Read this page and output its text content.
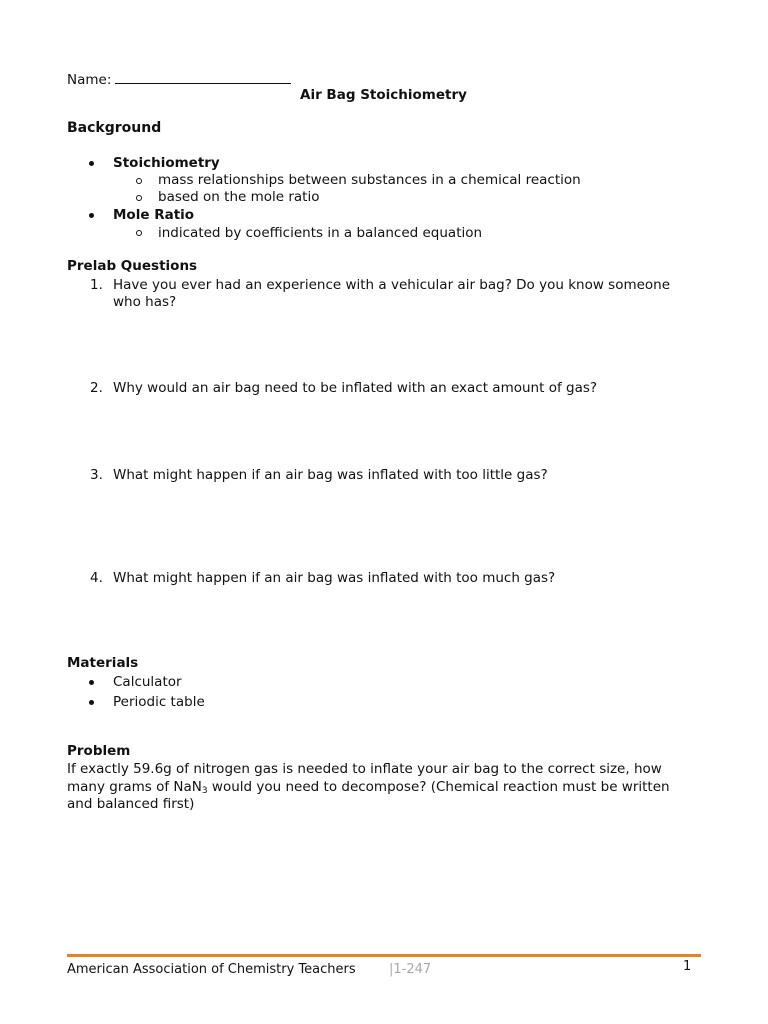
Name:
Air Bag Stoichiometry
Background
Stoichiometry
mass relationships between substances in a chemical reaction
based on the mole ratio
Mole Ratio
indicated by coefficients in a balanced equation
Prelab Questions
1. Have you ever had an experience with a vehicular air bag? Do you know someone
who has?
2. Why would an air bag need to be inflated with an exact amount of gas?
3. What might happen if an air bag was inflated with too little gas?
4. What might happen if an air bag was inflated with too much gas?
Materials
Calculator
Periodic table
Problem
If exactly 59.6g of nitrogen gas is needed to inflate your air bag to the correct size, how
many grams of NaN$_3$ would you need to decompose? (Chemical reaction must be written
and balanced first)
American Association of Chemistry Teachers	|1-247	1
